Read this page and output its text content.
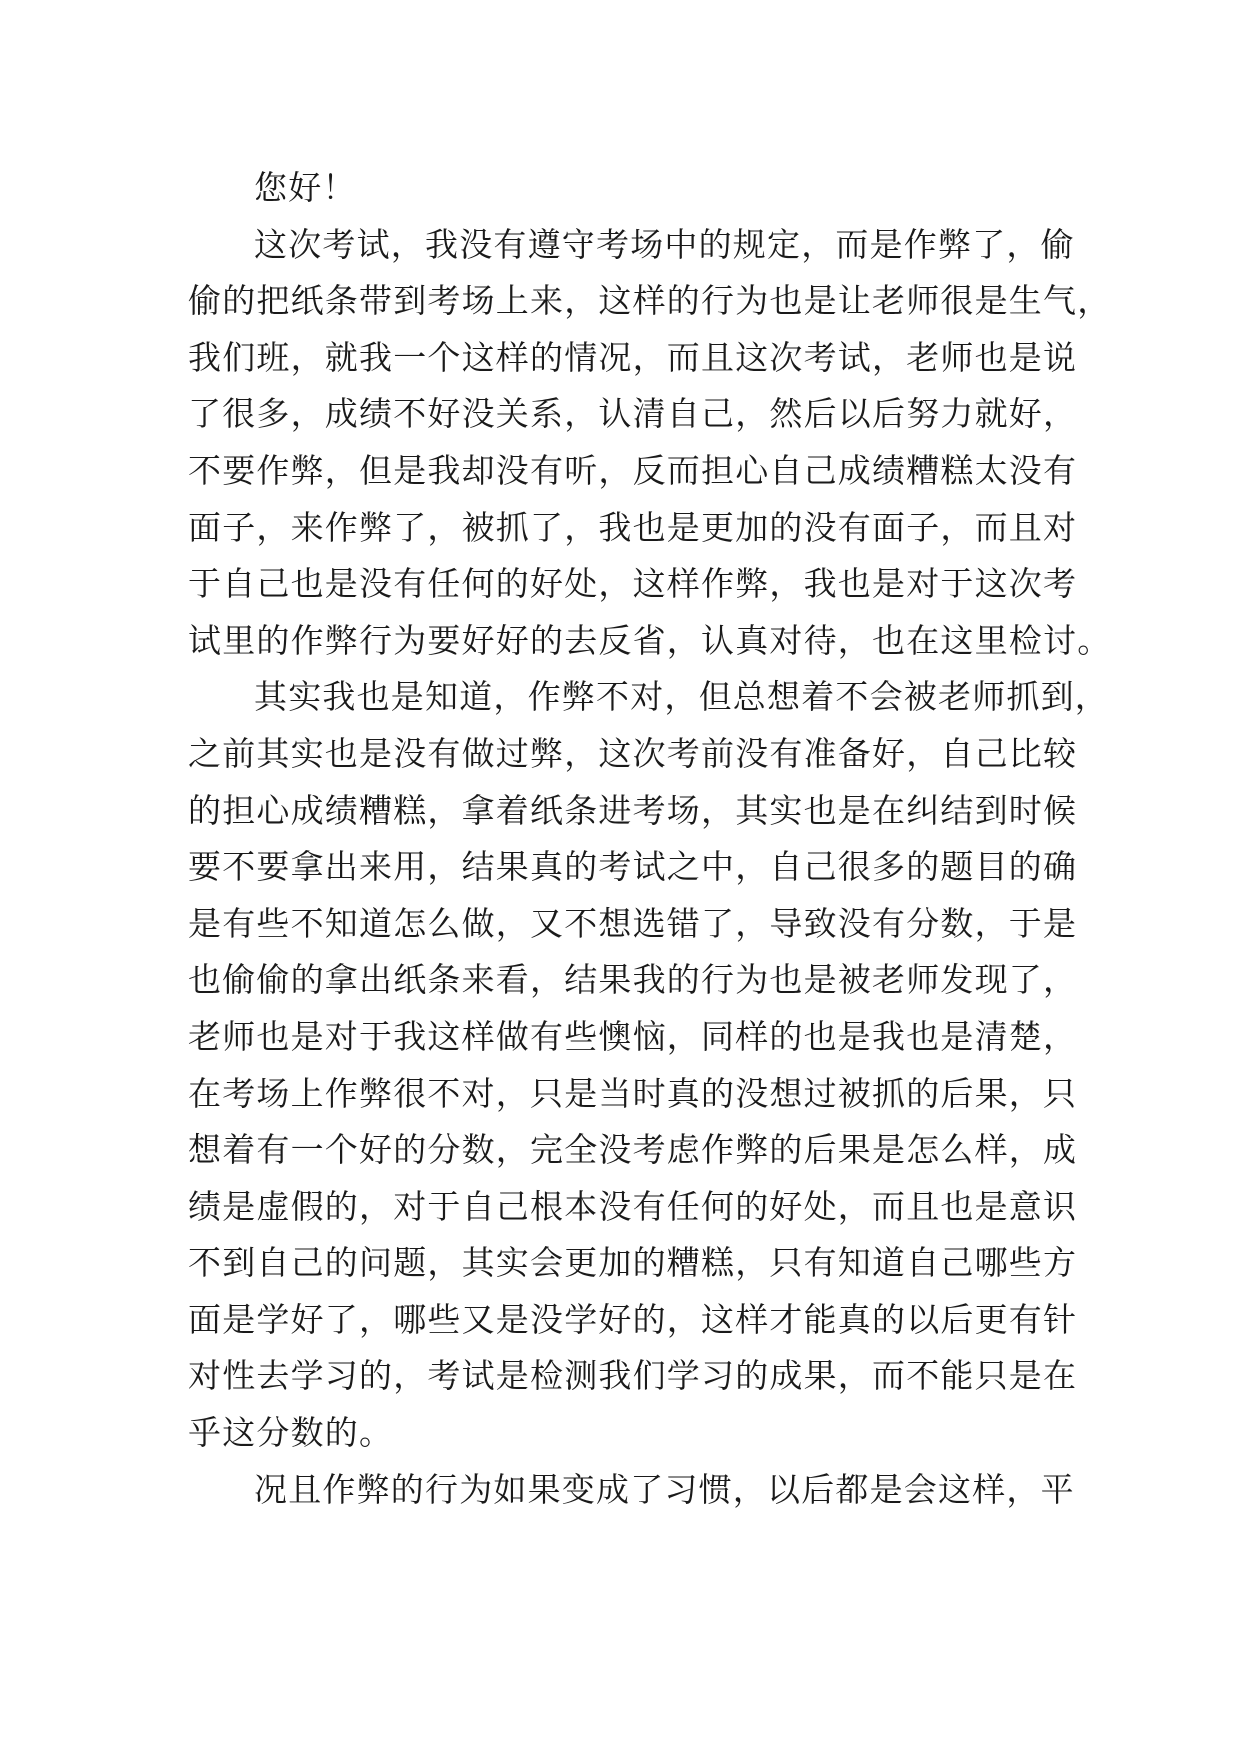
您好！
这次考试，我没有遵守考场中的规定，而是作弊了，偷
偷的把纸条带到考场上来，这样的行为也是让老师很是生气，
我们班，就我一个这样的情况，而且这次考试，老师也是说
了很多，成绩不好没关系，认清自己，然后以后努力就好，
不要作弊，但是我却没有听，反而担心自己成绩糟糕太没有
面子，来作弊了，被抓了，我也是更加的没有面子，而且对
于自己也是没有任何的好处，这样作弊，我也是对于这次考
试里的作弊行为要好好的去反省，认真对待，也在这里检讨。
其实我也是知道，作弊不对，但总想着不会被老师抓到，
之前其实也是没有做过弊，这次考前没有准备好，自己比较
的担心成绩糟糕，拿着纸条进考场，其实也是在纠结到时候
要不要拿出来用，结果真的考试之中，自己很多的题目的确
是有些不知道怎么做，又不想选错了，导致没有分数，于是
也偷偷的拿出纸条来看，结果我的行为也是被老师发现了，
老师也是对于我这样做有些懊恼，同样的也是我也是清楚，
在考场上作弊很不对，只是当时真的没想过被抓的后果，只
想着有一个好的分数，完全没考虑作弊的后果是怎么样，成
绩是虚假的，对于自己根本没有任何的好处，而且也是意识
不到自己的问题，其实会更加的糟糕，只有知道自己哪些方
面是学好了，哪些又是没学好的，这样才能真的以后更有针
对性去学习的，考试是检测我们学习的成果，而不能只是在
乎这分数的。
况且作弊的行为如果变成了习惯，以后都是会这样，平
